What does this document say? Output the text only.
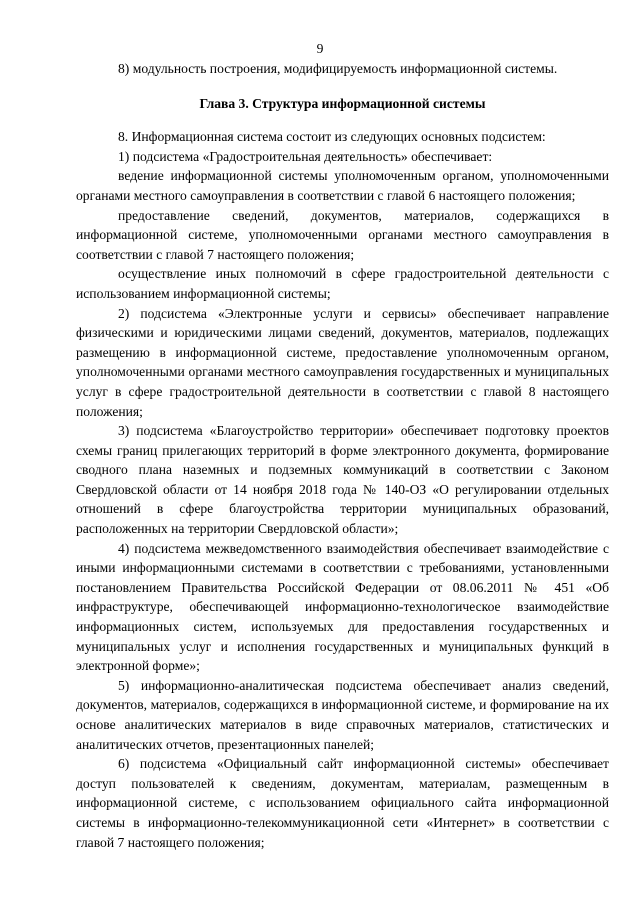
9

8) модульность построения, модифицируемость информационной системы.

Глава 3. Структура информационной системы

8. Информационная система состоит из следующих основных подсистем:

1) подсистема «Градостроительная деятельность» обеспечивает:

ведение информационной системы уполномоченным органом, уполномоченными органами местного самоуправления в соответствии с главой 6 настоящего положения;

предоставление сведений, документов, материалов, содержащихся в информационной системе, уполномоченными органами местного самоуправления в соответствии с главой 7 настоящего положения;

осуществление иных полномочий в сфере градостроительной деятельности с использованием информационной системы;

2) подсистема «Электронные услуги и сервисы» обеспечивает направление физическими и юридическими лицами сведений, документов, материалов, подлежащих размещению в информационной системе, предоставление уполномоченным органом, уполномоченными органами местного самоуправления государственных и муниципальных услуг в сфере градостроительной деятельности в соответствии с главой 8 настоящего положения;

3) подсистема «Благоустройство территории» обеспечивает подготовку проектов схемы границ прилегающих территорий в форме электронного документа, формирование сводного плана наземных и подземных коммуникаций в соответствии с Законом Свердловской области от 14 ноября 2018 года № 140-ОЗ «О регулировании отдельных отношений в сфере благоустройства территории муниципальных образований, расположенных на территории Свердловской области»;

4) подсистема межведомственного взаимодействия обеспечивает взаимодействие с иными информационными системами в соответствии с требованиями, установленными постановлением Правительства Российской Федерации от 08.06.2011 № 451 «Об инфраструктуре, обеспечивающей информационно-технологическое взаимодействие информационных систем, используемых для предоставления государственных и муниципальных услуг и исполнения государственных и муниципальных функций в электронной форме»;

5) информационно-аналитическая подсистема обеспечивает анализ сведений, документов, материалов, содержащихся в информационной системе, и формирование на их основе аналитических материалов в виде справочных материалов, статистических и аналитических отчетов, презентационных панелей;

6) подсистема «Официальный сайт информационной системы» обеспечивает доступ пользователей к сведениям, документам, материалам, размещенным в информационной системе, с использованием официального сайта информационной системы в информационно-телекоммуникационной сети «Интернет» в соответствии с главой 7 настоящего положения;
